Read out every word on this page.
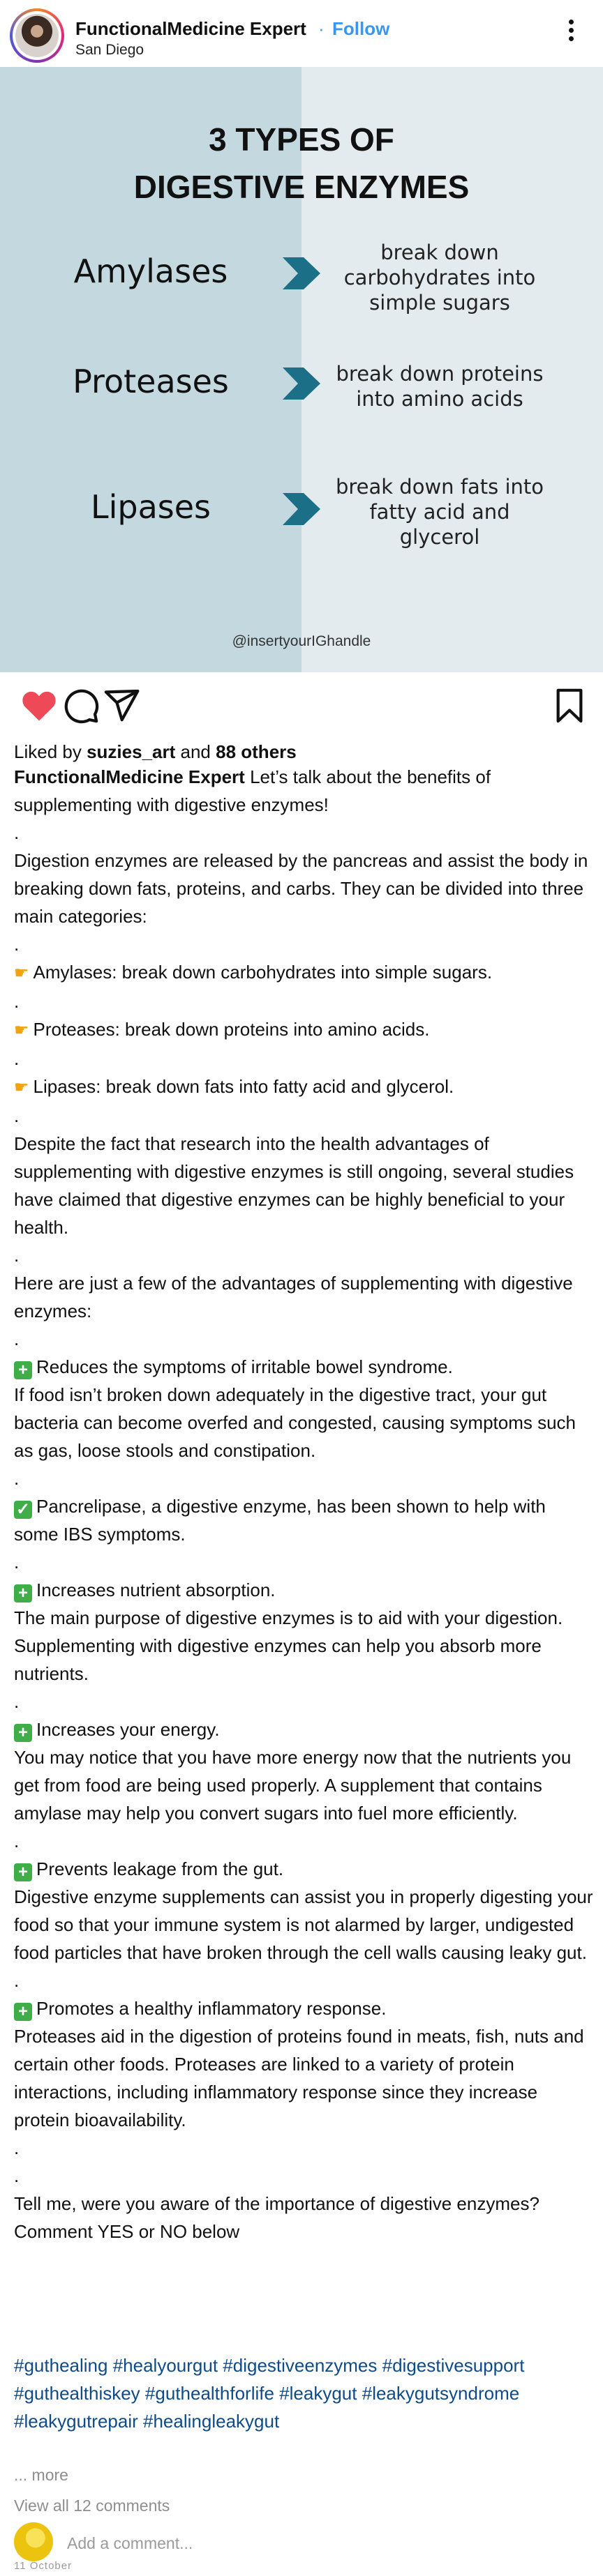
FunctionalMedicine Expert · Follow
San Diego
3 TYPES OF
DIGESTIVE ENZYMES
Amylases	break down
carbohydrates into
simple sugars
Proteases	break down proteins
into amino acids
Lipases
break down fats into
fatty acid and
glycerol
@insertyourIGhandle
Liked by suzies_art and 88 others

FunctionalMedicine Expert Let’s talk about the benefits of supplementing with digestive enzymes!

.

Digestion enzymes are released by the pancreas and assist the body in breaking down fats, proteins, and carbs. They can be divided into three main categories:

.

☛ Amylases: break down carbohydrates into simple sugars.

.

☛ Proteases: break down proteins into amino acids.

.

☛ Lipases: break down fats into fatty acid and glycerol.

.

Despite the fact that research into the health advantages of supplementing with digestive enzymes is still ongoing, several studies have claimed that digestive enzymes can be highly beneficial to your health.

.

Here are just a few of the advantages of supplementing with digestive enzymes:

.

+ Reduces the symptoms of irritable bowel syndrome.

If food isn’t broken down adequately in the digestive tract, your gut bacteria can become overfed and congested, causing symptoms such as gas, loose stools and constipation.

.

✓ Pancrelipase, a digestive enzyme, has been shown to help with some IBS symptoms.

.

+ Increases nutrient absorption.

The main purpose of digestive enzymes is to aid with your digestion. Supplementing with digestive enzymes can help you absorb more nutrients.

.

+ Increases your energy.

You may notice that you have more energy now that the nutrients you get from food are being used properly. A supplement that contains amylase may help you convert sugars into fuel more efficiently.

.

+ Prevents leakage from the gut.

Digestive enzyme supplements can assist you in properly digesting your food so that your immune system is not alarmed by larger, undigested food particles that have broken through the cell walls causing leaky gut.

.

+ Promotes a healthy inflammatory response.

Proteases aid in the digestion of proteins found in meats, fish, nuts and certain other foods. Proteases are linked to a variety of protein interactions, including inflammatory response since they increase protein bioavailability.

.

.

Tell me, were you aware of the importance of digestive enzymes? Comment YES or NO below

#guthealing #healyourgut #digestiveenzymes #digestivesupport #guthealthiskey #guthealthforlife #leakygut #leakygutsyndrome #leakygutrepair #healingleakygut
... more
View all 12 comments
Add a comment...
11 October
